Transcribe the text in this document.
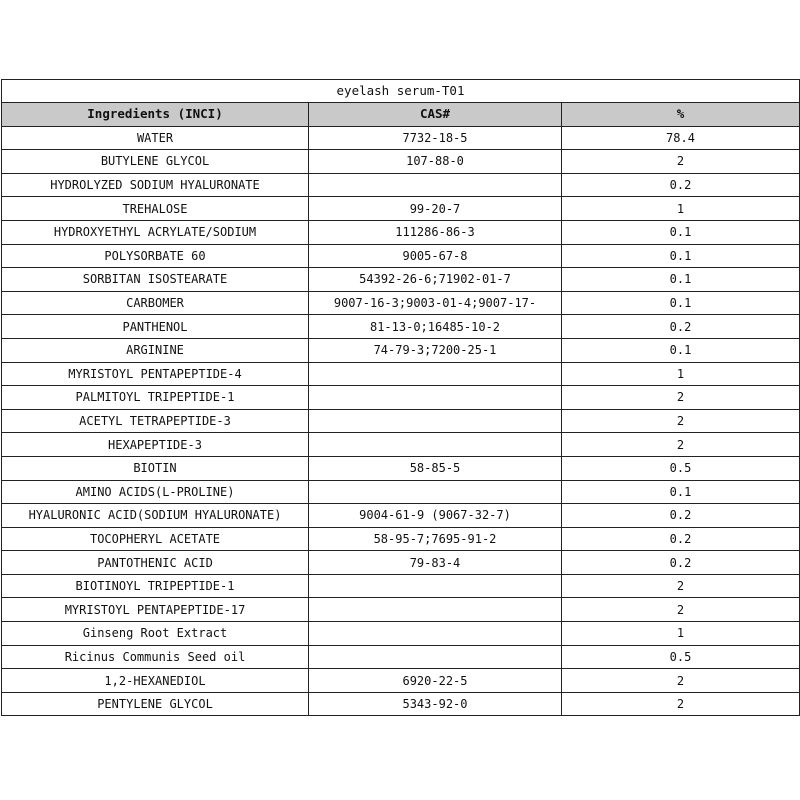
eyelash serum-T01		
Ingredients (INCI)	CAS#	%
WATER	7732-18-5	78.4
BUTYLENE GLYCOL	107-88-0	2
HYDROLYZED SODIUM HYALURONATE		0.2
TREHALOSE	99-20-7	1
HYDROXYETHYL ACRYLATE/SODIUM	111286-86-3	0.1
POLYSORBATE 60	9005-67-8	0.1
SORBITAN ISOSTEARATE	54392-26-6;71902-01-7	0.1
CARBOMER	9007-16-3;9003-01-4;9007-17-	0.1
PANTHENOL	81-13-0;16485-10-2	0.2
ARGININE	74-79-3;7200-25-1	0.1
MYRISTOYL PENTAPEPTIDE-4		1
PALMITOYL TRIPEPTIDE-1		2
ACETYL TETRAPEPTIDE-3		2
HEXAPEPTIDE-3		2
BIOTIN	58-85-5	0.5
AMINO ACIDS(L-PROLINE)		0.1
HYALURONIC ACID(SODIUM HYALURONATE)	9004-61-9 (9067-32-7)	0.2
TOCOPHERYL ACETATE	58-95-7;7695-91-2	0.2
PANTOTHENIC ACID	79-83-4	0.2
BIOTINOYL TRIPEPTIDE-1		2
MYRISTOYL PENTAPEPTIDE-17		2
Ginseng Root Extract		1
Ricinus Communis Seed oil		0.5
1,2-HEXANEDIOL	6920-22-5	2
PENTYLENE GLYCOL	5343-92-0	2
